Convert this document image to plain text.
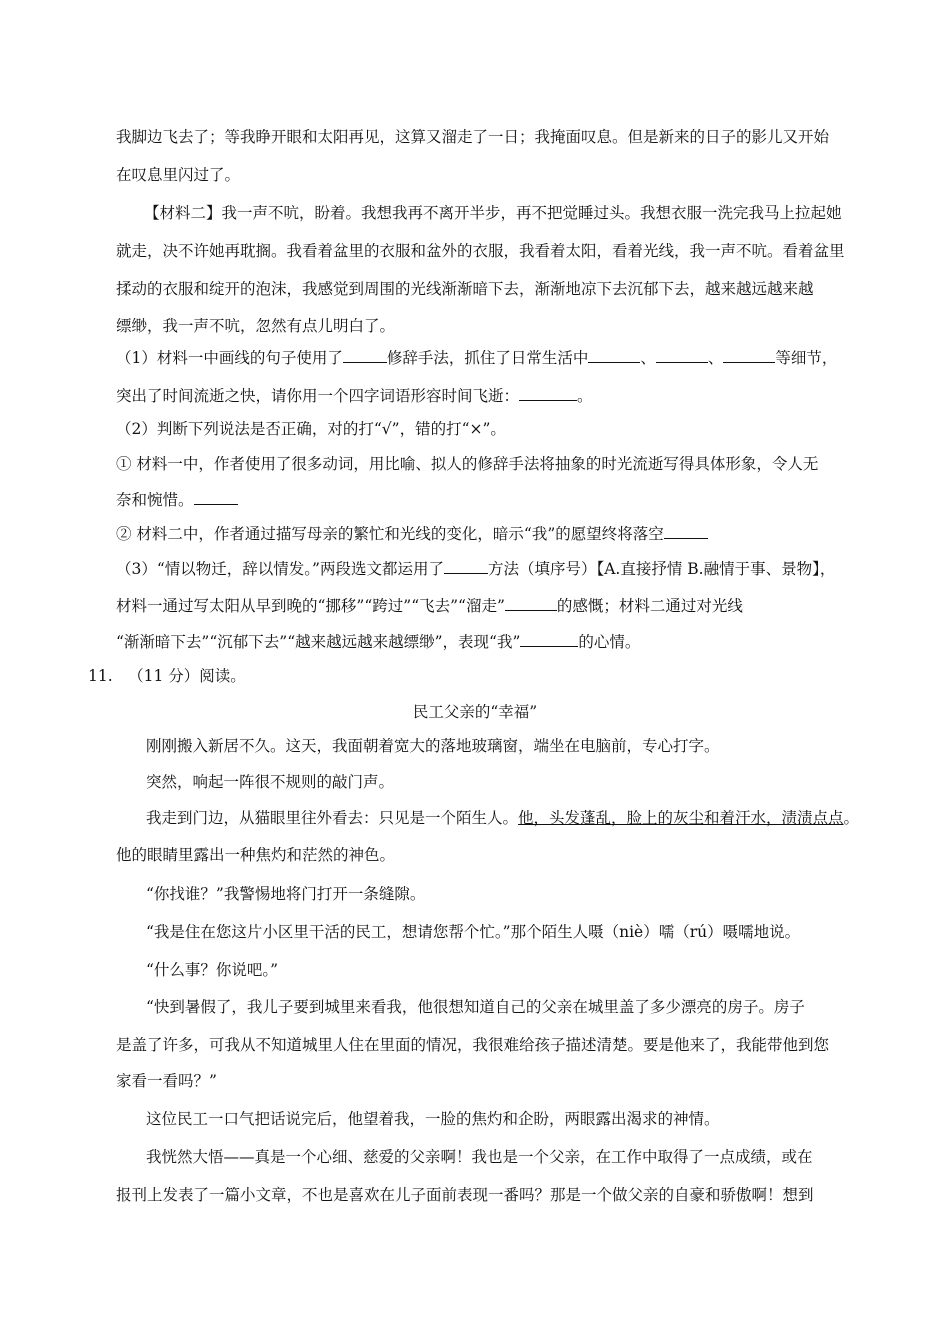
我脚边飞去了；等我睁开眼和太阳再见，这算又溜走了一日；我掩面叹息。但是新来的日子的影儿又开始
在叹息里闪过了。
【材料二】我一声不吭，盼着。我想我再不离开半步，再不把觉睡过头。我想衣服一洗完我马上拉起她
就走，决不许她再耽搁。我看着盆里的衣服和盆外的衣服，我看着太阳，看着光线，我一声不吭。看着盆里
揉动的衣服和绽开的泡沫，我感觉到周围的光线渐渐暗下去，渐渐地凉下去沉郁下去，越来越远越来越
缥缈，我一声不吭，忽然有点儿明白了。
（1）材料一中画线的句子使用了	修辞手法，抓住了日常生活中	、	、	等细节，
突出了时间流逝之快，请你用一个四字词语形容时间飞逝：	。
（2）判断下列说法是否正确，对的打“√”，错的打“×”。
① 材料一中，作者使用了很多动词，用比喻、拟人的修辞手法将抽象的时光流逝写得具体形象，令人无
奈和惋惜。
② 材料二中，作者通过描写母亲的繁忙和光线的变化，暗示“我”的愿望终将落空
（3）“情以物迁，辞以情发。”两段选文都运用了	方法（填序号）【A.直接抒情 B.融情于事、景物】，
材料一通过写太阳从早到晚的“挪移”“跨过”“飞去”“溜走”	的感慨；材料二通过对光线
“渐渐暗下去”“沉郁下去”“越来越远越来越缥缈”，表现“我”	的心情。
11.  （11 分）阅读。
民工父亲的“幸福”
刚刚搬入新居不久。这天，我面朝着宽大的落地玻璃窗，端坐在电脑前，专心打字。
突然，响起一阵很不规则的敲门声。
我走到门边，从猫眼里往外看去：只见是一个陌生人。他，头发蓬乱，脸上的灰尘和着汗水，渍渍点点。
他的眼睛里露出一种焦灼和茫然的神色。
“你找谁？”我警惕地将门打开一条缝隙。
“我是住在您这片小区里干活的民工，想请您帮个忙。”那个陌生人嗫（niè）嚅（rú）嗫嚅地说。
“什么事？你说吧。”
“快到暑假了，我儿子要到城里来看我，他很想知道自己的父亲在城里盖了多少漂亮的房子。房子
是盖了许多，可我从不知道城里人住在里面的情况，我很难给孩子描述清楚。要是他来了，我能带他到您
家看一看吗？”
这位民工一口气把话说完后，他望着我，一脸的焦灼和企盼，两眼露出渴求的神情。
我恍然大悟——真是一个心细、慈爱的父亲啊！我也是一个父亲，在工作中取得了一点成绩，或在
报刊上发表了一篇小文章，不也是喜欢在儿子面前表现一番吗？那是一个做父亲的自豪和骄傲啊！想到
